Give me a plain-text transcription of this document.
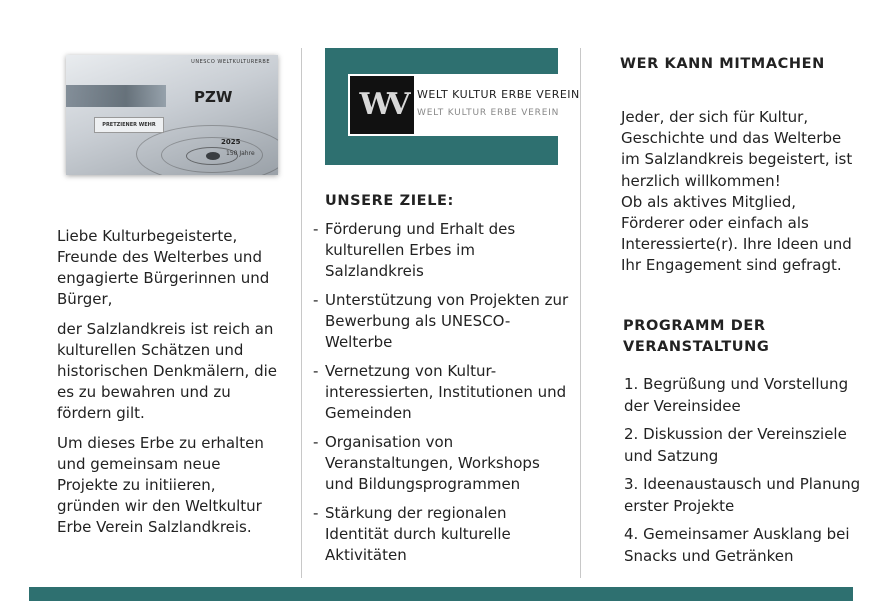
UNESCO WELTKULTURERBE
PZW
PRETZIENER WEHR
2025
150 Jahre

Liebe Kulturbegeisterte, Freunde des Welterbes und engagierte Bürgerinnen und Bürger,

der Salzlandkreis ist reich an kulturellen Schätzen und historischen Denkmälern, die es zu bewahren und zu fördern gilt.

Um dieses Erbe zu erhalten und gemeinsam neue Projekte zu initiieren, gründen wir den Weltkultur Erbe Verein Salzlandkreis.

WV	WELT KULTUR ERBE VEREIN
WELT KULTUR ERBE VEREIN
UNSERE ZIELE:
- Förderung und Erhalt des kulturellen Erbes im Salzlandkreis
- Unterstützung von Projekten zur Bewerbung als UNESCO-Welterbe
- Vernetzung von Kultur-interessierten, Institutionen und Gemeinden
- Organisation von Veranstaltungen, Workshops und Bildungsprogrammen
- Stärkung der regionalen Identität durch kulturelle Aktivitäten
WER KANN MITMACHEN
Jeder, der sich für Kultur, Geschichte und das Welterbe im Salzlandkreis begeistert, ist herzlich willkommen!
Ob als aktives Mitglied, Förderer oder einfach als Interessierte(r). Ihre Ideen und Ihr Engagement sind gefragt.
PROGRAMM DER VERANSTALTUNG
1. Begrüßung und Vorstellung der Vereinsidee
2. Diskussion der Vereinsziele und Satzung
3. Ideenaustausch und Planung erster Projekte
4. Gemeinsamer Ausklang bei Snacks und Getränken
